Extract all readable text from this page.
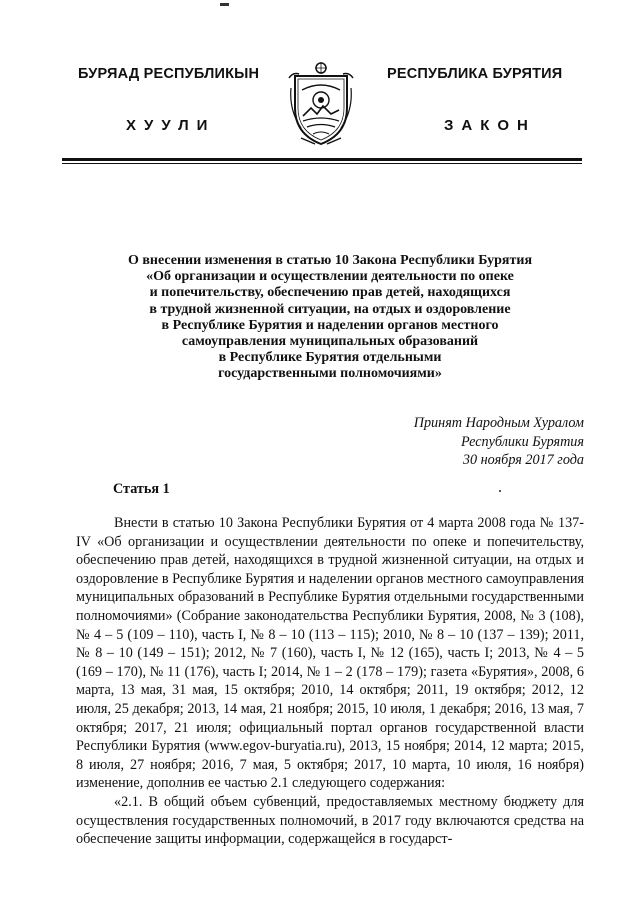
БУРЯАД РЕСПУБЛИКЫН	РЕСПУБЛИКА БУРЯТИЯ
ХУУЛИ	ЗАКОН
О внесении изменения в статью 10 Закона Республики Бурятия
«Об организации и осуществлении деятельности по опеке
и попечительству, обеспечению прав детей, находящихся
в трудной жизненной ситуации, на отдых и оздоровление
в Республике Бурятия и наделении органов местного
самоуправления муниципальных образований
в Республике Бурятия отдельными
государственными полномочиями»
Принят Народным Хуралом
Республики Бурятия
30 ноября 2017 года
Статья 1

Внести в статью 10 Закона Республики Бурятия от 4 марта 2008 года № 137-IV «Об организации и осуществлении деятельности по опеке и попечительству, обеспечению прав детей, находящихся в трудной жизненной ситуации, на отдых и оздоровление в Республике Бурятия и наделении органов местного самоуправления муниципальных образований в Республике Бурятия отдельными государственными полномочиями» (Собрание законодательства Республики Бурятия, 2008, № 3 (108), № 4 – 5 (109 – 110), часть I, № 8 – 10 (113 – 115); 2010, № 8 – 10 (137 – 139); 2011, № 8 – 10 (149 – 151); 2012, № 7 (160), часть I, № 12 (165), часть I; 2013, № 4 – 5 (169 – 170), № 11 (176), часть I; 2014, № 1 – 2 (178 – 179); газета «Бурятия», 2008, 6 марта, 13 мая, 31 мая, 15 октября; 2010, 14 октября; 2011, 19 октября; 2012, 12 июля, 25 декабря; 2013, 14 мая, 21 ноября; 2015, 10 июля, 1 декабря; 2016, 13 мая, 7 октября; 2017, 21 июля; официальный портал органов государственной власти Республики Бурятия (www.egov-buryatia.ru), 2013, 15 ноября; 2014, 12 марта; 2015, 8 июля, 27 ноября; 2016, 7 мая, 5 октября; 2017, 10 марта, 10 июля, 16 ноября) изменение, дополнив ее частью 2.1 следующего содержания:

«2.1. В общий объем субвенций, предоставляемых местному бюджету для осуществления государственных полномочий, в 2017 году включаются средства на обеспечение защиты информации, содержащейся в государст-
